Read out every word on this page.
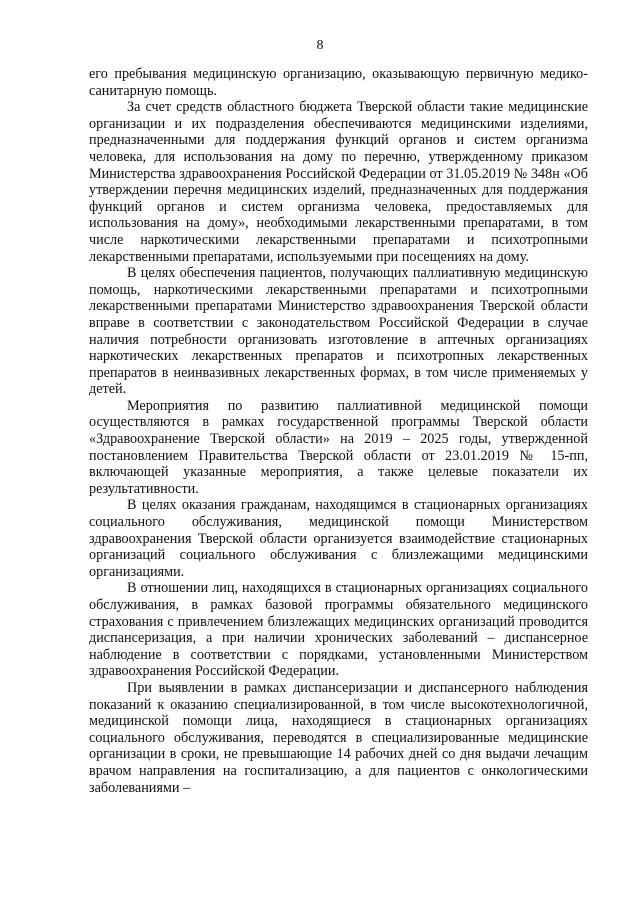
8

его пребывания медицинскую организацию, оказывающую первичную медико-санитарную помощь.

За счет средств областного бюджета Тверской области такие медицинские организации и их подразделения обеспечиваются медицинскими изделиями, предназначенными для поддержания функций органов и систем организма человека, для использования на дому по перечню, утвержденному приказом Министерства здравоохранения Российской Федерации от 31.05.2019 № 348н «Об утверждении перечня медицинских изделий, предназначенных для поддержания функций органов и систем организма человека, предоставляемых для использования на дому», необходимыми лекарственными препаратами, в том числе наркотическими лекарственными препаратами и психотропными лекарственными препаратами, используемыми при посещениях на дому.

В целях обеспечения пациентов, получающих паллиативную медицинскую помощь, наркотическими лекарственными препаратами и психотропными лекарственными препаратами Министерство здравоохранения Тверской области вправе в соответствии с законодательством Российской Федерации в случае наличия потребности организовать изготовление в аптечных организациях наркотических лекарственных препаратов и психотропных лекарственных препаратов в неинвазивных лекарственных формах, в том числе применяемых у детей.

Мероприятия по развитию паллиативной медицинской помощи осуществляются в рамках государственной программы Тверской области «Здравоохранение Тверской области» на 2019 – 2025 годы, утвержденной постановлением Правительства Тверской области от 23.01.2019 № 15-пп, включающей указанные мероприятия, а также целевые показатели их результативности.

В целях оказания гражданам, находящимся в стационарных организациях социального обслуживания, медицинской помощи Министерством здравоохранения Тверской области организуется взаимодействие стационарных организаций социального обслуживания с близлежащими медицинскими организациями.

В отношении лиц, находящихся в стационарных организациях социального обслуживания, в рамках базовой программы обязательного медицинского страхования с привлечением близлежащих медицинских организаций проводится диспансеризация, а при наличии хронических заболеваний – диспансерное наблюдение в соответствии с порядками, установленными Министерством здравоохранения Российской Федерации.

При выявлении в рамках диспансеризации и диспансерного наблюдения показаний к оказанию специализированной, в том числе высокотехнологичной, медицинской помощи лица, находящиеся в стационарных организациях социального обслуживания, переводятся в специализированные медицинские организации в сроки, не превышающие 14 рабочих дней со дня выдачи лечащим врачом направления на госпитализацию, а для пациентов с онкологическими заболеваниями –
